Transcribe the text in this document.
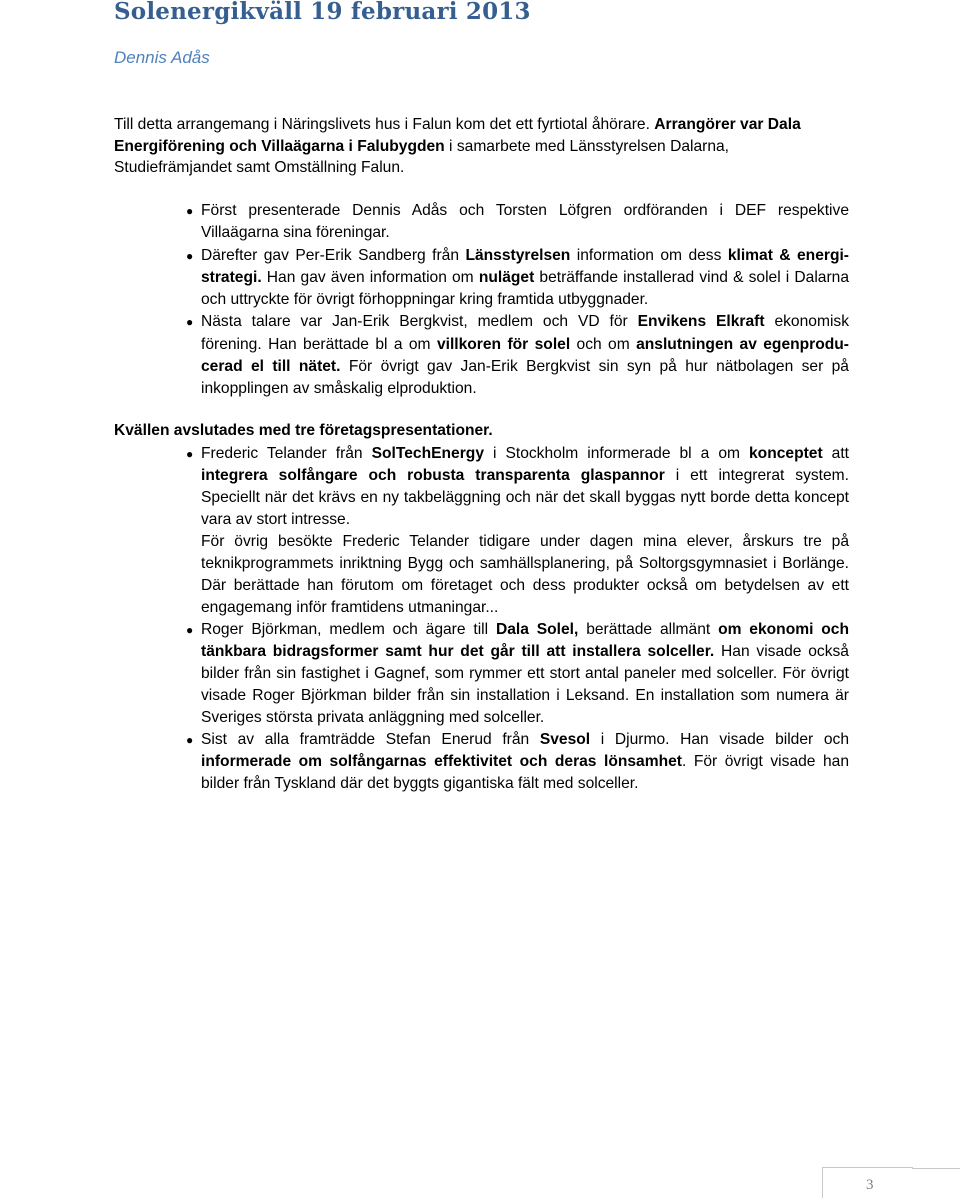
Solenergikväll 19 februari 2013

Dennis Adås

Till detta arrangemang i Näringslivets hus i Falun kom det ett fyrtiotal åhörare. Arrangörer var Dala Energiförening och Villaägarna i Falubygden i samarbete med Länsstyrelsen Dalarna, Studiefrämjandet samt Omställning Falun.

● Först presenterade Dennis Adås och Torsten Löfgren ordföranden i DEF respektive Villaägarna sina föreningar.
● Därefter gav Per-Erik Sandberg från Länsstyrelsen information om dess klimat & energi-strategi. Han gav även information om nuläget beträffande installerad vind & solel i Dalarna och uttryckte för övrigt förhoppningar kring framtida utbyggnader.
● Nästa talare var Jan-Erik Bergkvist, medlem och VD för Envikens Elkraft ekonomisk förening. Han berättade bl a om villkoren för solel och om anslutningen av egenprodu-cerad el till nätet. För övrigt gav Jan-Erik Bergkvist sin syn på hur nätbolagen ser på inkopplingen av småskalig elproduktion.

Kvällen avslutades med tre företagspresentationer.

● Frederic Telander från SolTechEnergy i Stockholm informerade bl a om konceptet att integrera solfångare och robusta transparenta glaspannor i ett integrerat system. Speciellt när det krävs en ny takbeläggning och när det skall byggas nytt borde detta koncept vara av stort intresse.
För övrig besökte Frederic Telander tidigare under dagen mina elever, årskurs tre på teknikprogrammets inriktning Bygg och samhällsplanering, på Soltorgsgymnasiet i Borlänge. Där berättade han förutom om företaget och dess produkter också om betydelsen av ett engagemang inför framtidens utmaningar...
● Roger Björkman, medlem och ägare till Dala Solel, berättade allmänt om ekonomi och tänkbara bidragsformer samt hur det går till att installera solceller. Han visade också bilder från sin fastighet i Gagnef, som rymmer ett stort antal paneler med solceller. För övrigt visade Roger Björkman bilder från sin installation i Leksand. En installation som numera är Sveriges största privata anläggning med solceller.
● Sist av alla framträdde Stefan Enerud från Svesol i Djurmo. Han visade bilder och informerade om solfångarnas effektivitet och deras lönsamhet. För övrigt visade han bilder från Tyskland där det byggts gigantiska fält med solceller.
3
